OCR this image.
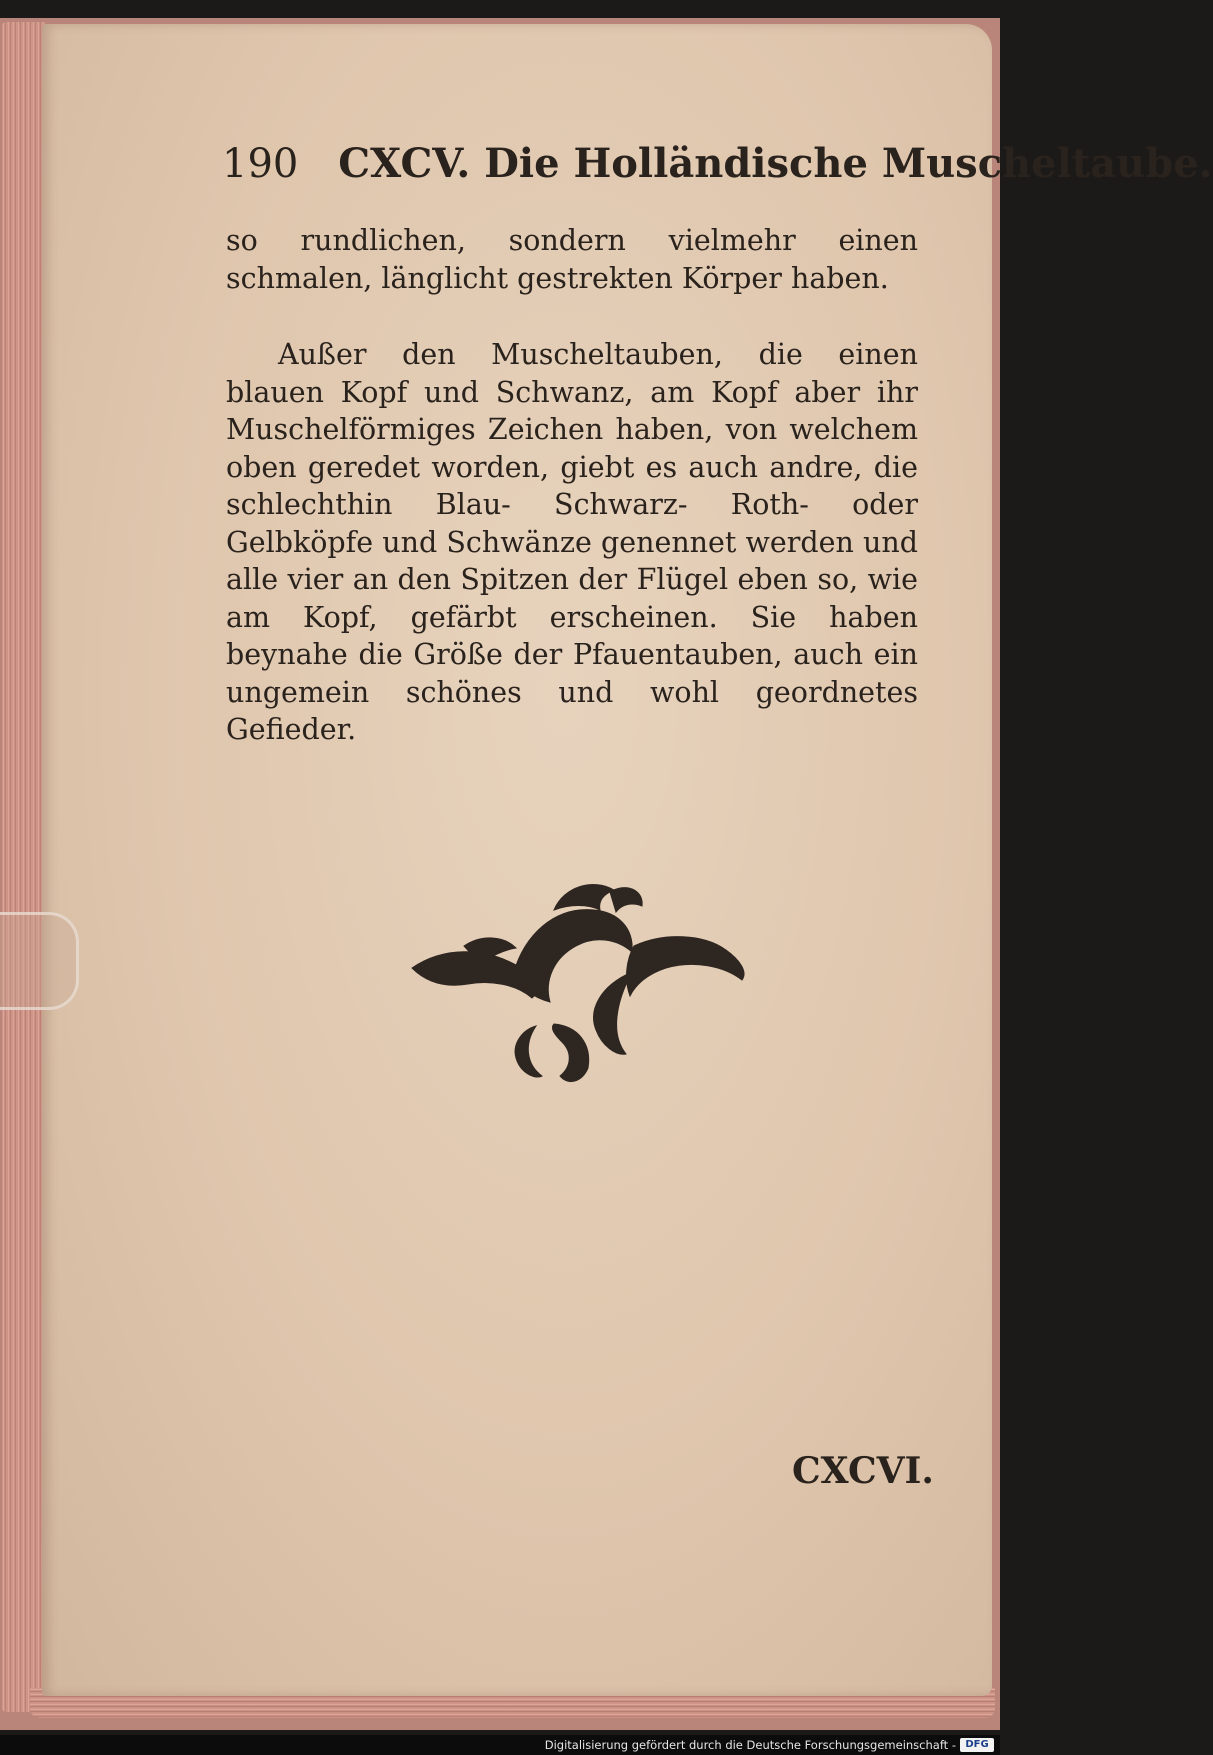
190 CXCV. Die Holländische Muscheltaube.
so rundlichen, sondern vielmehr einen schmalen, länglicht gestrekten Körper haben.
Außer den Muscheltauben, die einen blauen Kopf und Schwanz, am Kopf aber ihr Muschelförmiges Zeichen haben, von welchem oben geredet worden, giebt es auch andre, die schlechthin Blau- Schwarz- Roth- oder Gelbköpfe und Schwänze genennet werden und alle vier an den Spitzen der Flügel eben so, wie am Kopf, gefärbt erscheinen. Sie haben beynahe die Größe der Pfauentauben, auch ein ungemein schönes und wohl geordnetes Gefieder.
CXCVI.
Digitalisierung gefördert durch die Deutsche Forschungsgemeinschaft - DFG
